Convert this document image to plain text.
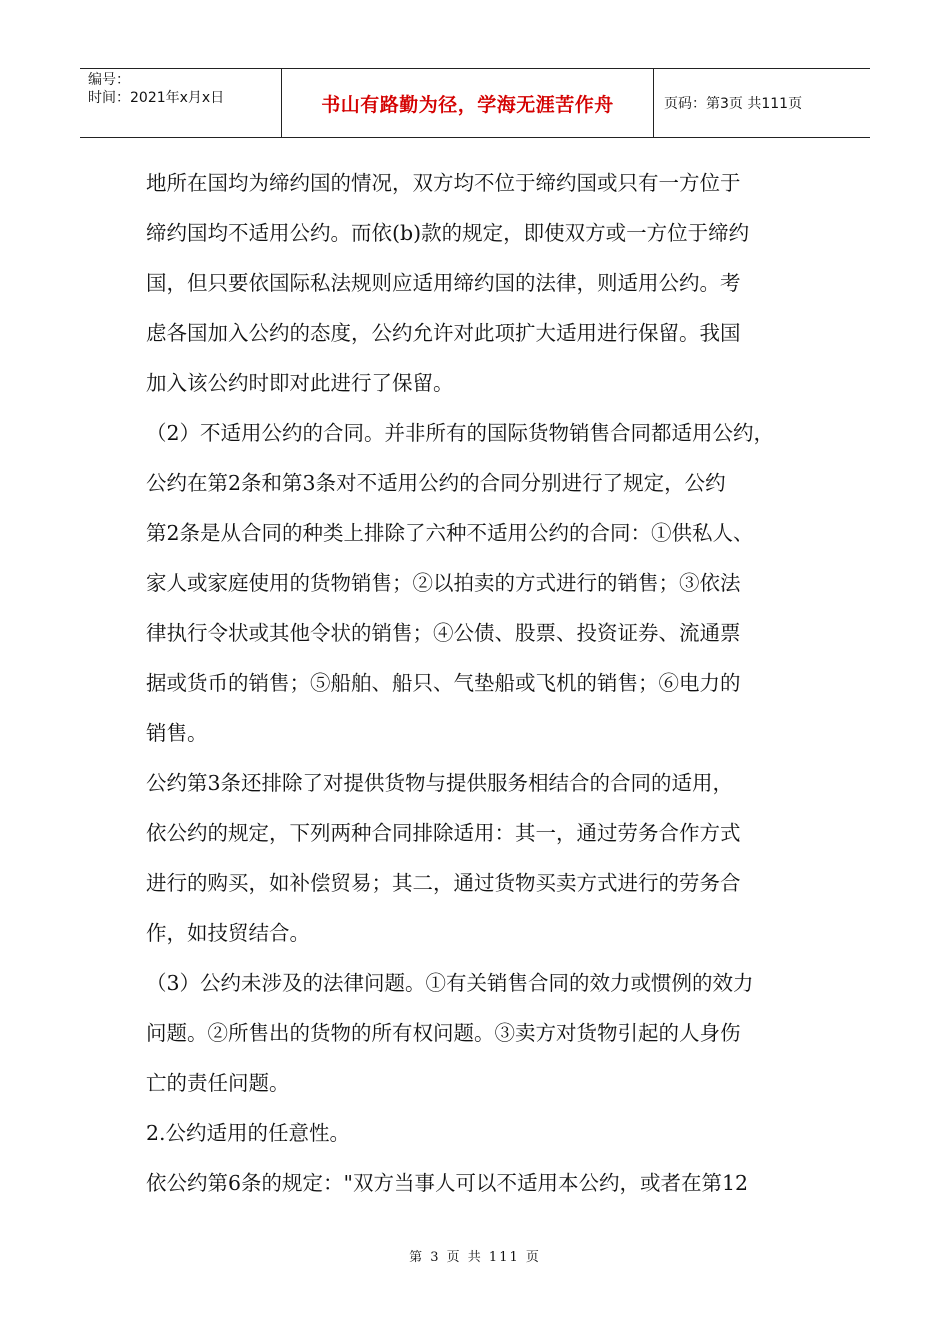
编号：
时间：2021年x月x日	书山有路勤为径，学海无涯苦作舟	页码：第3页 共111页
地所在国均为缔约国的情况，双方均不位于缔约国或只有一方位于
缔约国均不适用公约。而依(b)款的规定，即使双方或一方位于缔约
国，但只要依国际私法规则应适用缔约国的法律，则适用公约。考
虑各国加入公约的态度，公约允许对此项扩大适用进行保留。我国
加入该公约时即对此进行了保留。
（2）不适用公约的合同。并非所有的国际货物销售合同都适用公约，
公约在第2条和第3条对不适用公约的合同分别进行了规定，公约
第2条是从合同的种类上排除了六种不适用公约的合同：①供私人、
家人或家庭使用的货物销售；②以拍卖的方式进行的销售；③依法
律执行令状或其他令状的销售；④公债、股票、投资证券、流通票
据或货币的销售；⑤船舶、船只、气垫船或飞机的销售；⑥电力的
销售。
公约第3条还排除了对提供货物与提供服务相结合的合同的适用，
依公约的规定，下列两种合同排除适用：其一，通过劳务合作方式
进行的购买，如补偿贸易；其二，通过货物买卖方式进行的劳务合
作，如技贸结合。
（3）公约未涉及的法律问题。①有关销售合同的效力或惯例的效力
问题。②所售出的货物的所有权问题。③卖方对货物引起的人身伤
亡的责任问题。
2.公约适用的任意性。
依公约第6条的规定："双方当事人可以不适用本公约，或者在第12
第 3 页 共 111 页
